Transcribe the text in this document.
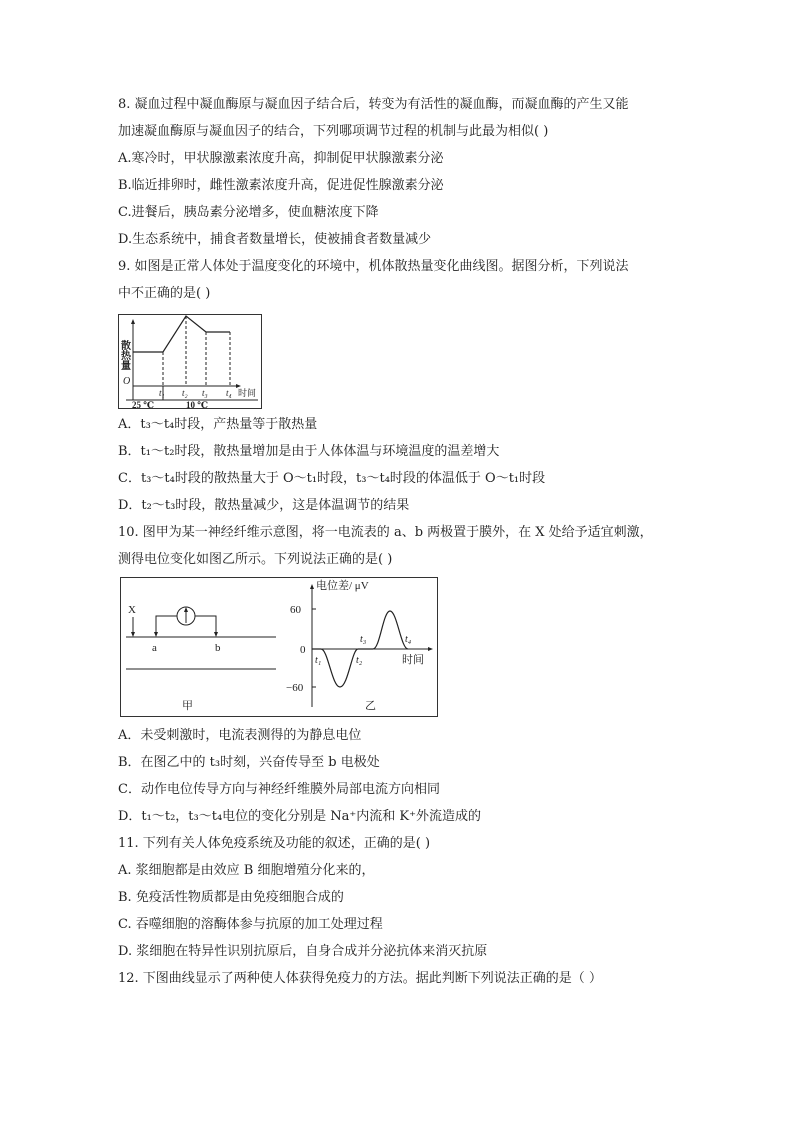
8. 凝血过程中凝血酶原与凝血因子结合后，转变为有活性的凝血酶，而凝血酶的产生又能
加速凝血酶原与凝血因子的结合，下列哪项调节过程的机制与此最为相似( )
A.寒冷时，甲状腺激素浓度升高，抑制促甲状腺激素分泌
B.临近排卵时，雌性激素浓度升高，促进促性腺激素分泌
C.进餐后，胰岛素分泌增多，使血糖浓度下降
D.生态系统中，捕食者数量增长，使被捕食者数量减少
9. 如图是正常人体处于温度变化的环境中，机体散热量变化曲线图。据图分析，下列说法
中不正确的是( )
散热量
O
t₁ t₂ t₃ t₄ 时间
25 ℃	10 ℃
A．t₃～t₄时段，产热量等于散热量
B．t₁～t₂时段，散热量增加是由于人体体温与环境温度的温差增大
C．t₃～t₄时段的散热量大于 O～t₁时段，t₃～t₄时段的体温低于 O～t₁时段
D．t₂～t₃时段，散热量减少，这是体温调节的结果
10. 图甲为某一神经纤维示意图，将一电流表的 a、b 两极置于膜外，在 X 处给予适宜刺激，
测得电位变化如图乙所示。下列说法正确的是( )
X
a	b
甲
电位差/ μV
60
0
−60
t₁	t₂
t₃	t₄
时间
乙
A．未受刺激时，电流表测得的为静息电位
B．在图乙中的 t₃时刻，兴奋传导至 b 电极处
C．动作电位传导方向与神经纤维膜外局部电流方向相同
D．t₁～t₂，t₃～t₄电位的变化分别是 Na⁺内流和 K⁺外流造成的
11. 下列有关人体免疫系统及功能的叙述，正确的是( )
A. 浆细胞都是由效应 B 细胞增殖分化来的，
B. 免疫活性物质都是由免疫细胞合成的
C. 吞噬细胞的溶酶体参与抗原的加工处理过程
D. 浆细胞在特异性识别抗原后，自身合成并分泌抗体来消灭抗原
12. 下图曲线显示了两种使人体获得免疫力的方法。据此判断下列说法正确的是（ ）
